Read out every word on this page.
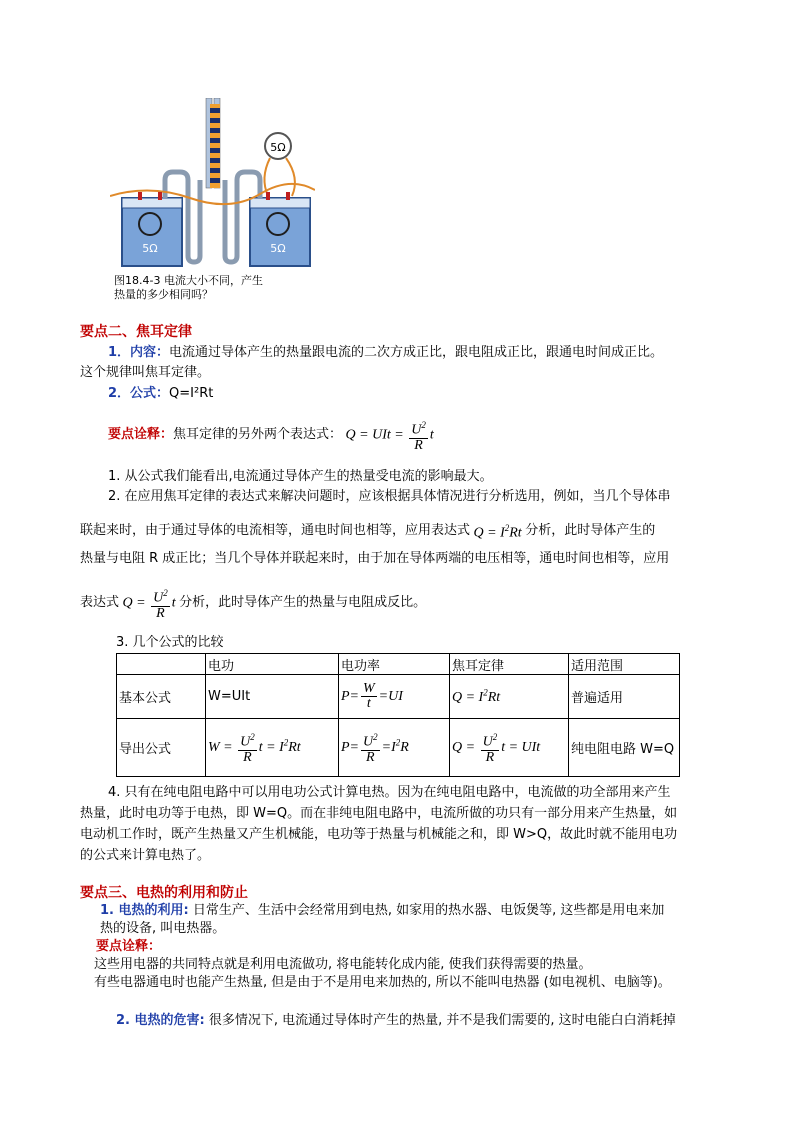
5Ω
5Ω	5Ω
图18.4-3 电流大小不同，产生
热量的多少相同吗？
要点二、焦耳定律
1．内容：电流通过导体产生的热量跟电流的二次方成正比，跟电阻成正比，跟通电时间成正比。
这个规律叫焦耳定律。
2．公式：Q=I²Rt
要点诠释： 焦耳定律的另外两个表达式： Q = UIt = $\frac{U^2}{R}$ t
1. 从公式我们能看出,电流通过导体产生的热量受电流的影响最大。
2. 在应用焦耳定律的表达式来解决问题时，应该根据具体情况进行分析选用，例如，当几个导体串
联起来时，由于通过导体的电流相等，通电时间也相等，应用表达式 $Q = I^2Rt$ 分析，此时导体产生的
热量与电阻 R 成正比；当几个导体并联起来时，由于加在导体两端的电压相等，通电时间也相等，应用
表达式 $Q = \frac{U^2}{R}$ t 分析，此时导体产生的热量与电阻成反比。
3. 几个公式的比较
	电功	电功率	焦耳定律	适用范围
基本公式	W=UIt	$P= \frac{W}{t} =UI$	$Q = I^2Rt$	普遍适用
导出公式	$W = \frac{U^2}{R}$ $t = I^2Rt$	$P= \frac{U^2}{R} =I^2R$	$Q = \frac{U^2}{R}$ t = UIt	纯电阻电路 W=Q
4. 只有在纯电阻电路中可以用电功公式计算电热。因为在纯电阻电路中，电流做的功全部用来产生
热量，此时电功等于电热，即 W=Q。而在非纯电阻电路中，电流所做的功只有一部分用来产生热量，如
电动机工作时，既产生热量又产生机械能，电功等于热量与机械能之和，即 W>Q，故此时就不能用电功
的公式来计算电热了。
要点三、电热的利用和防止
1. 电热的利用: 日常生产、生活中会经常用到电热, 如家用的热水器、电饭煲等, 这些都是用电来加
热的设备, 叫电热器。
要点诠释：
这些用电器的共同特点就是利用电流做功, 将电能转化成内能, 使我们获得需要的热量。
有些电器通电时也能产生热量, 但是由于不是用电来加热的, 所以不能叫电热器 (如电视机、电脑等)。
2. 电热的危害: 很多情况下, 电流通过导体时产生的热量, 并不是我们需要的, 这时电能白白消耗掉
